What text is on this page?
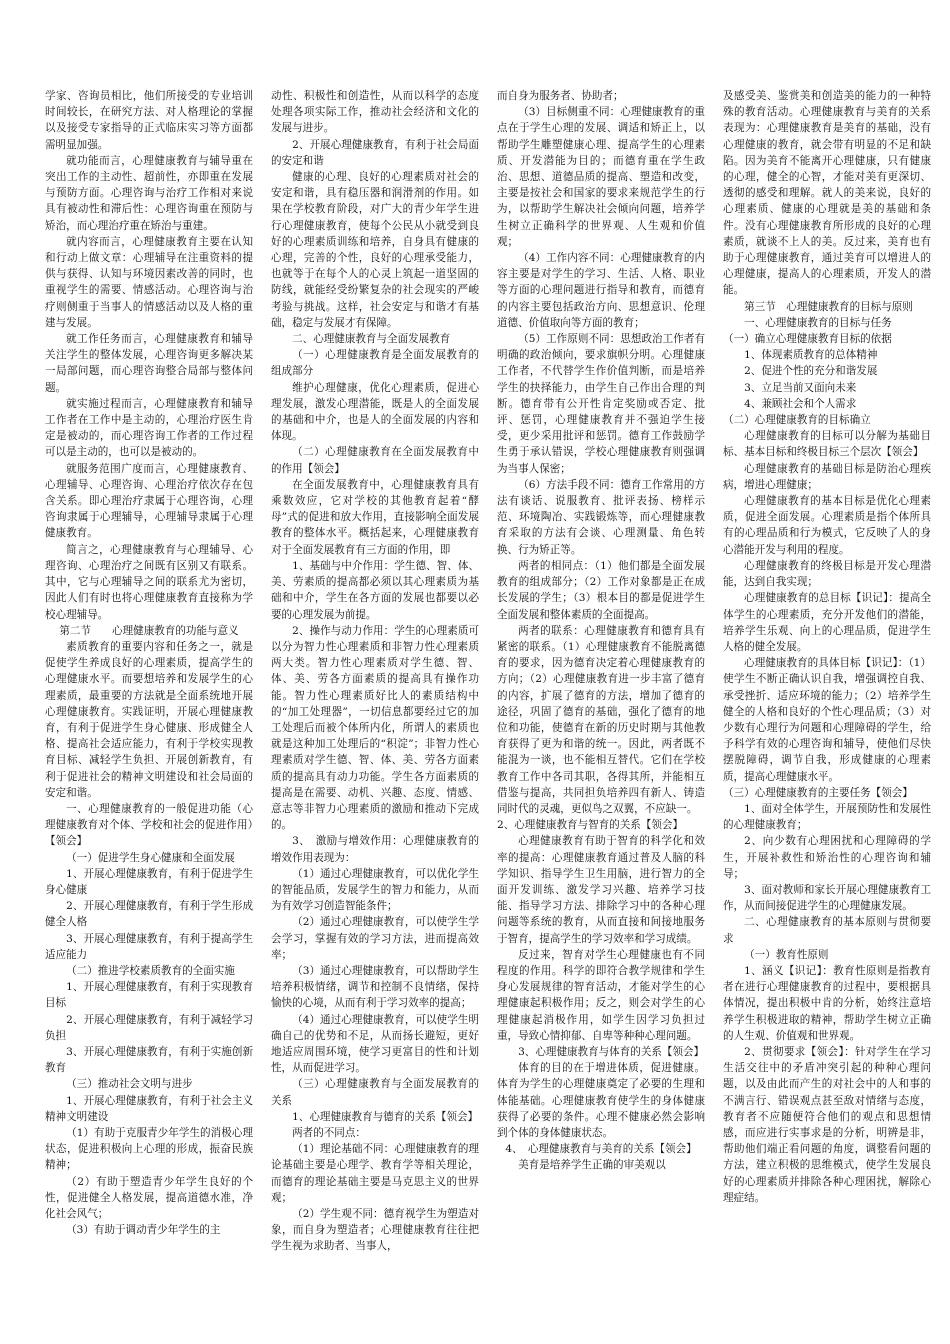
学家、咨询员相比，他们所接受的专业培训时间较长，在研究方法、对人格理论的掌握以及接受专家指导的正式临床实习等方面都需明显加强。

就功能而言，心理健康教育与辅导重在突出工作的主动性、超前性，亦即重在发展与预防方面。心理咨询与治疗工作相对来说具有被动性和滞后性：心理咨询重在预防与矫治，而心理治疗重在矫治与重建。

就内容而言，心理健康教育主要在认知和行动上做文章：心理辅导在注重资料的提供与获得、认知与环境因素改善的同时，也重视学生的需要、情感活动。心理咨询与治疗则侧重于当事人的情感活动以及人格的重建与发展。

就工作任务而言，心理健康教育和辅导关注学生的整体发展，心理咨询更多解决某一局部问题，而心理咨询整合局部与整体问题。

就实施过程而言，心理健康教育和辅导工作者在工作中是主动的，心理治疗医生肯定是被动的，而心理咨询工作者的工作过程可以是主动的，也可以是被动的。

就服务范围广度而言，心理健康教育、心理辅导、心理咨询、心理治疗依次存在包含关系。即心理治疗隶属于心理咨询，心理咨询隶属于心理辅导，心理辅导隶属于心理健康教育。

简言之，心理健康教育与心理辅导、心理咨询、心理治疗之间既有区别又有联系。其中，它与心理辅导之间的联系尤为密切，因此人们有时也将心理健康教育直接称为学校心理辅导。

第二节　　心理健康教育的功能与意义

素质教育的重要内容和任务之一，就是促使学生养成良好的心理素质，提高学生的心理健康水平。而要想培养和发展学生的心理素质，最重要的方法就是全面系统地开展心理健康教育。实践证明，开展心理健康教育，有利于促进学生身心健康、形成健全人格、提高社会适应能力，有利于学校实现教育目标、减轻学生负担、开展创新教育，有利于促进社会的精神文明建设和社会局面的安定和谐。

一、心理健康教育的一般促进功能（心理健康教育对个体、学校和社会的促进作用）【领会】

（一）促进学生身心健康和全面发展

1、开展心理健康教育，有利于促进学生身心健康

2、开展心理健康教育，有利于学生形成健全人格

3、开展心理健康教育，有利于提高学生适应能力

（二）推进学校素质教育的全面实施

1、开展心理健康教育，有利于实现教育目标

2、开展心理健康教育，有利于减轻学习负担

3、开展心理健康教育，有利于实施创新教育

（三）推动社会文明与进步

1、开展心理健康教育，有利于社会主义精神文明建设

（1）有助于克服青少年学生的消极心理状态，促进积极向上心理的形成，振奋民族精神；

（2）有助于塑造青少年学生良好的个性，促进健全人格发展，提高道德水准，净化社会风气；

（3）有助于调动青少年学生的主

动性、积极性和创造性，从而以科学的态度处理各项实际工作，推动社会经济和文化的发展与进步。

2、开展心理健康教育，有利于社会局面的安定和谐

健康的心理、良好的心理素质对社会的安定和谐，具有稳压器和润滑剂的作用。如果在学校教育阶段，对广大的青少年学生进行心理健康教育，使每个公民从小就受到良好的心理素质训练和培养，自身具有健康的心理，完善的个性，良好的心理承受能力，也就等于在每个人的心灵上筑起一道坚固的防线，就能经受纷繁复杂的社会现实的严峻考验与挑战。这样，社会安定与和谐才有基础，稳定与发展才有保障。

二、心理健康教育与全面发展教育

（一）心理健康教育是全面发展教育的组成部分

维护心理健康，优化心理素质，促进心理发展，激发心理潜能，既是人的全面发展的基础和中介，也是人的全面发展的内容和体现。

（二）心理健康教育在全面发展教育中的作用【领会】

在全面发展教育中，心理健康教育具有乘数效应，它对学校的其他教育起着“酵母”式的促进和放大作用，直接影响全面发展教育的整体水平。概括起来，心理健康教育对于全面发展教育有三方面的作用，即

1、基础与中介作用：学生德、智、体、美、劳素质的提高都必须以其心理素质为基础和中介，学生在各方面的发展也都要以必要的心理发展为前提。

2、操作与动力作用：学生的心理素质可以分为智力性心理素质和非智力性心理素质　　两大类。智力性心理素质对学生德、智、体、美、劳各方面素质的提高具有操作功能。智力性心理素质好比人的素质结构中的“加工处理器”，一切信息都要经过它的加工处理后而被个体所内化，所谓人的素质也就是这种加工处理后的“积淀”；非智力性心理素质对学生德、智、体、美、劳各方面素质的提高具有动力功能。学生各方面素质的提高是在需要、动机、兴趣、态度、情感、意志等非智力心理素质的激励和推动下完成的。

3、　激励与增效作用：心理健康教育的增效作用表现为：

（1）通过心理健康教育，可以优化学生的智能品质，发展学生的智力和能力，从而为有效学习创造智能条件；

（2）通过心理健康教育，可以使学生学会学习，掌握有效的学习方法，进而提高效率；

（3）通过心理健康教育，可以帮助学生培养积极情绪，调节和控制不良情绪，保持愉快的心境，从而有利于学习效率的提高；

（4）通过心理健康教育，可以使学生明确自己的优势和不足，从而扬长避短，更好地适应周围环境，使学习更富目的性和计划性，从而促进学习。

（三）心理健康教育与全面发展教育的关系

1、心理健康教育与德育的关系【领会】

两者的不同点：

（1）理论基础不同：心理健康教育的理论基础主要是心理学、教育学等相关理论，而德育的理论基础主要是马克思主义的世界观；

（2）学生观不同：德育视学生为塑造对象，而自身为塑造者；心理健康教育往往把学生视为求助者、当事人，

而自身为服务者、协助者；

（3）目标侧重不同：心理健康教育的重点在于学生心理的发展、调适和矫正上，以帮助学生雕塑健康心理、提高学生的心理素质、开发潜能为目的；而德育重在学生政治、思想、道德品质的提高、塑造和改变，主要是按社会和国家的要求来规范学生的行为，以帮助学生解决社会倾向问题，培养学生树立正确科学的世界观、人生观和价值观；

（4）工作内容不同：心理健康教育的内容主要是对学生的学习、生活、人格、职业等方面的心理问题进行指导和教育，而德育的内容主要包括政治方向、思想意识、伦理道德、价值取向等方面的教育；

（5）工作原则不同：思想政治工作者有明确的政治倾向，要求旗帜分明。心理健康工作者，不代替学生作价值判断，而是培养学生的抉择能力，由学生自己作出合理的判断。德育带有公开性肯定奖励或否定、批评、惩罚，心理健康教育并不强迫学生接受，更少采用批评和惩罚。德育工作鼓励学生勇于承认错误，学校心理健康教育则强调为当事人保密；

（6）方法手段不同：德育工作常用的方法有谈话、说服教育、批评表扬、榜样示范、环境陶冶、实践锻炼等，而心理健康教育采取的方法有会谈、心理测量、角色转换、行为矫正等。

两者的相同点：（1）他们都是全面发展教育的组成部分；（2）工作对象都是正在成长发展的学生；（3）根本目的都是促进学生全面发展和整体素质的全面提高。

两者的联系：心理健康教育和德育具有紧密的联系。（1）心理健康教育不能脱离德育的要求，因为德育决定着心理健康教育的方向；（2）心理健康教育进一步丰富了德育的内容，扩展了德育的方法，增加了德育的途径，巩固了德育的基础，强化了德育的地位和功能，使德育在新的历史时期与其他教育获得了更为和谐的统一。因此，两者既不能混为一谈，也不能相互替代。它们在学校教育工作中各司其职，各得其所，并能相互借鉴与提高，共同担负培养四有新人、铸造同时代的灵魂，更似鸟之双翼，不应缺一。

2、心理健康教育与智育的关系【领会】

心理健康教育有助于智育的科学化和效率的提高：心理健康教育通过普及人脑的科学知识、指导学生卫生用脑，进行智力的全面开发训练、激发学习兴趣、培养学习技能、指导学习方法、排除学习中的各种心理问题等系统的教育，从而直接和间接地服务于智育，提高学生的学习效率和学习成绩。

反过来，智育对学生心理健康也有不同程度的作用。科学的即符合教学规律和学生身心发展规律的智育活动，才能对学生的心理健康起积极作用；反之，则会对学生的心理健康起消极作用，如学生因学习负担过重，导致心情抑郁、自卑等种种心理问题。

3、心理健康教育与体育的关系【领会】

体育的目的在于增进体质，促进健康。体育为学生的心理健康奠定了必要的生理和体能基础。心理健康教育使学生的身体健康获得了必要的条件。心理不健康必然会影响到个体的身体健康状态。

4、　心理健康教育与美育的关系【领会】

美育是培养学生正确的审美观以

及感受美、鉴赏美和创造美的能力的一种特殊的教育活动。心理健康教育与美育的关系表现为：心理健康教育是美育的基础，没有心理健康的教育，就会带有明显的不足和缺陷。因为美育不能离开心理健康，只有健康的心理，健全的心智，才能对美有更深切、透彻的感受和理解。就人的美来说，良好的心理素质、健康的心理就是美的基础和条件。没有心理健康教育所形成的良好的心理素质，就谈不上人的美。反过来，美育也有助于心理健康教育，通过美育可以增进人的心理健康，提高人的心理素质，开发人的潜能。

第三节　心理健康教育的目标与原则

一、心理健康教育的目标与任务

（一）确立心理健康教育目标的依据

1、体现素质教育的总体精神

2、促进个性的充分和谐发展

3、立足当前又面向未来

4、兼顾社会和个人需求

（二）心理健康教育的目标确立

心理健康教育的目标可以分解为基础目标、基本目标和终极目标三个层次【领会】

心理健康教育的基础目标是防治心理疾病，增进心理健康；

心理健康教育的基本目标是优化心理素质，促进全面发展。心理素质是指个体所具有的心理品质和行为模式，它反映了人的身心潜能开发与利用的程度。

心理健康教育的终极目标是开发心理潜能，达到自我实现；

心理健康教育的总目标【识记】：提高全体学生的心理素质，充分开发他们的潜能，培养学生乐观、向上的心理品质，促进学生人格的健全发展。

心理健康教育的具体目标【识记】：（1）使学生不断正确认识自我，增强调控自我、承受挫折、适应环境的能力；（2）培养学生健全的人格和良好的个性心理品质；（3）对少数有心理行为问题和心理障碍的学生，给予科学有效的心理咨询和辅导，使他们尽快摆脱障碍，调节自我，形成健康的心理素质，提高心理健康水平。

（三）心理健康教育的主要任务【领会】

1、面对全体学生，开展预防性和发展性的心理健康教育；

2、向少数有心理困扰和心理障碍的学生，开展补救性和矫治性的心理咨询和辅导；

3、面对教师和家长开展心理健康教育工作，从而间接促进学生的心理健康发展。

二、心理健康教育的基本原则与贯彻要求

（一）教育性原则

1、涵义【识记】：教育性原则是指教育者在进行心理健康教育的过程中，要根据具体情况，提出积极中肯的分析，始终注意培养学生积极进取的精神，帮助学生树立正确的人生观、价值观和世界观。

2、贯彻要求【领会】：针对学生在学习生活交往中的矛盾冲突引起的种种心理问题，以及由此而产生的对社会中的人和事的不满言行、错误观点甚至敌对情绪与态度，教育者不应随便符合他们的观点和思想情感，而应进行实事求是的分析，明辨是非，帮助他们端正看问题的角度，调整看问题的方法，建立积极的思维模式，使学生发展良好的心理素质并排除各种心理困扰，解除心理症结。
